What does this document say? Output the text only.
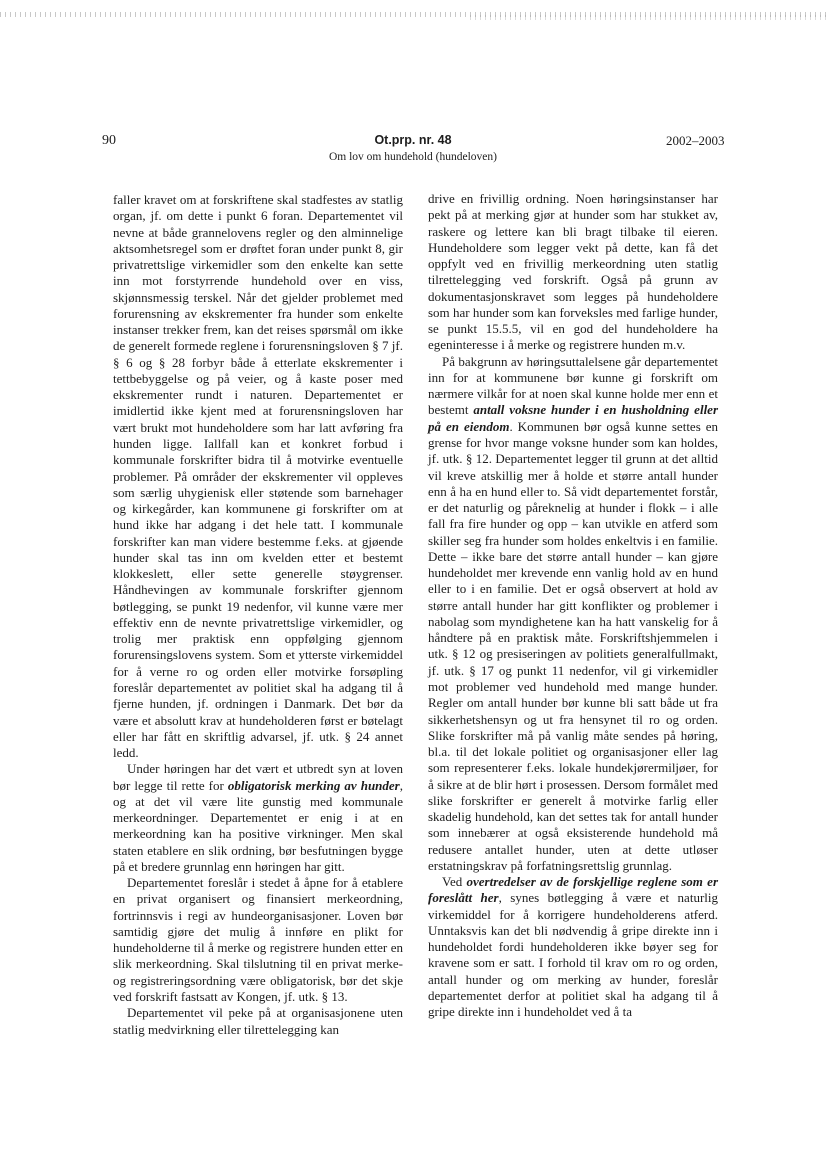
90	Ot.prp. nr. 48
Om lov om hundehold (hundeloven)
2002–2003

faller kravet om at forskriftene skal stadfestes av statlig organ, jf. om dette i punkt 6 foran. Departementet vil nevne at både grannelovens regler og den alminnelige aktsomhetsregel som er drøftet foran under punkt 8, gir privatrettslige virkemidler som den enkelte kan sette inn mot forstyrrende hundehold over en viss, skjønnsmessig terskel. Når det gjelder problemet med forurensning av ekskrementer fra hunder som enkelte instanser trekker frem, kan det reises spørsmål om ikke de generelt formede reglene i forurensningsloven § 7 jf. § 6 og § 28 forbyr både å etterlate ekskrementer i tettbebyggelse og på veier, og å kaste poser med ekskrementer rundt i naturen. Departementet er imidlertid ikke kjent med at forurensningsloven har vært brukt mot hundeholdere som har latt avføring fra hunden ligge. Iallfall kan et konkret forbud i kommunale forskrifter bidra til å motvirke eventuelle problemer. På områder der ekskrementer vil oppleves som særlig uhygienisk eller støtende som barnehager og kirkegårder, kan kommunene gi forskrifter om at hund ikke har adgang i det hele tatt. I kommunale forskrifter kan man videre bestemme f.eks. at gjøende hunder skal tas inn om kvelden etter et bestemt klokkeslett, eller sette generelle støygrenser. Håndhevingen av kommunale forskrifter gjennom bøtlegging, se punkt 19 nedenfor, vil kunne være mer effektiv enn de nevnte privatrettslige virkemidler, og trolig mer praktisk enn oppfølging gjennom forurensingslovens system. Som et ytterste virkemiddel for å verne ro og orden eller motvirke forsøpling foreslår departementet av politiet skal ha adgang til å fjerne hunden, jf. ordningen i Danmark. Det bør da være et absolutt krav at hundeholderen først er bøtelagt eller har fått en skriftlig advarsel, jf. utk. § 24 annet ledd.

Under høringen har det vært et utbredt syn at loven bør legge til rette for obligatorisk merking av hunder, og at det vil være lite gunstig med kommunale merkeordninger. Departementet er enig i at en merkeordning kan ha positive virkninger. Men skal staten etablere en slik ordning, bør besfutningen bygge på et bredere grunnlag enn høringen har gitt.

Departementet foreslår i stedet å åpne for å etablere en privat organisert og finansiert merkeordning, fortrinnsvis i regi av hundeorganisasjoner. Loven bør samtidig gjøre det mulig å innføre en plikt for hundeholderne til å merke og registrere hunden etter en slik merkeordning. Skal tilslutning til en privat merke- og registreringsordning være obligatorisk, bør det skje ved forskrift fastsatt av Kongen, jf. utk. § 13.

Departementet vil peke på at organisasjonene uten statlig medvirkning eller tilrettelegging kan

drive en frivillig ordning. Noen høringsinstanser har pekt på at merking gjør at hunder som har stukket av, raskere og lettere kan bli bragt tilbake til eieren. Hundeholdere som legger vekt på dette, kan få det oppfylt ved en frivillig merkeordning uten statlig tilrettelegging ved forskrift. Også på grunn av dokumentasjonskravet som legges på hundeholdere som har hunder som kan forveksles med farlige hunder, se punkt 15.5.5, vil en god del hundeholdere ha egeninteresse i å merke og registrere hunden m.v.

På bakgrunn av høringsuttalelsene går departementet inn for at kommunene bør kunne gi forskrift om nærmere vilkår for at noen skal kunne holde mer enn et bestemt antall voksne hunder i en husholdning eller på en eiendom. Kommunen bør også kunne settes en grense for hvor mange voksne hunder som kan holdes, jf. utk. § 12. Departementet legger til grunn at det alltid vil kreve atskillig mer å holde et større antall hunder enn å ha en hund eller to. Så vidt departementet forstår, er det naturlig og påreknelig at hunder i flokk – i alle fall fra fire hunder og opp – kan utvikle en atferd som skiller seg fra hunder som holdes enkeltvis i en familie. Dette – ikke bare det større antall hunder – kan gjøre hundeholdet mer krevende enn vanlig hold av en hund eller to i en familie. Det er også observert at hold av større antall hunder har gitt konflikter og problemer i nabolag som myndighetene kan ha hatt vanskelig for å håndtere på en praktisk måte. Forskriftshjemmelen i utk. § 12 og presiseringen av politiets generalfullmakt, jf. utk. § 17 og punkt 11 nedenfor, vil gi virkemidler mot problemer ved hundehold med mange hunder. Regler om antall hunder bør kunne bli satt både ut fra sikkerhetshensyn og ut fra hensynet til ro og orden. Slike forskrifter må på vanlig måte sendes på høring, bl.a. til det lokale politiet og organisasjoner eller lag som representerer f.eks. lokale hundekjørermiljøer, for å sikre at de blir hørt i prosessen. Dersom formålet med slike forskrifter er generelt å motvirke farlig eller skadelig hundehold, kan det settes tak for antall hunder som innebærer at også eksisterende hundehold må redusere antallet hunder, uten at dette utløser erstatningskrav på forfatningsrettslig grunnlag.

Ved overtredelser av de forskjellige reglene som er foreslått her, synes bøtlegging å være et naturlig virkemiddel for å korrigere hundeholderens atferd. Unntaksvis kan det bli nødvendig å gripe direkte inn i hundeholdet fordi hundeholderen ikke bøyer seg for kravene som er satt. I forhold til krav om ro og orden, antall hunder og om merking av hunder, foreslår departementet derfor at politiet skal ha adgang til å gripe direkte inn i hundeholdet ved å ta
